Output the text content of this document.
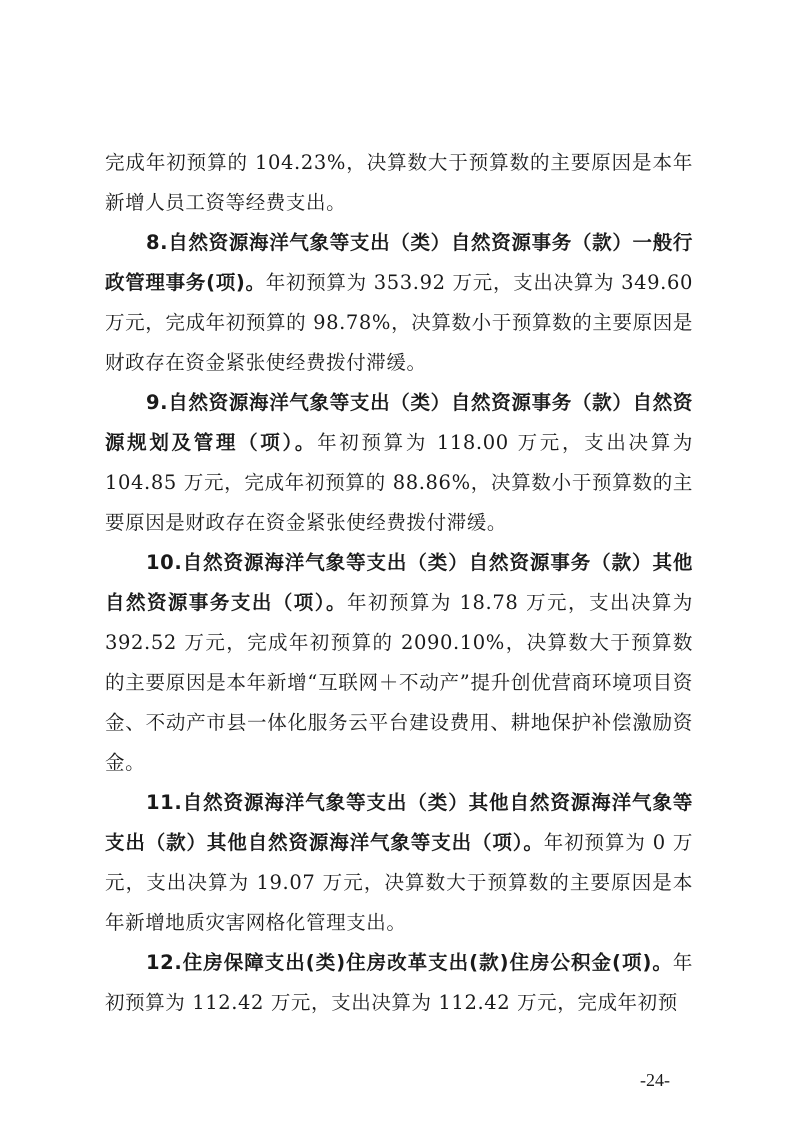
完成年初预算的 104.23%，决算数大于预算数的主要原因是本年新增人员工资等经费支出。

8.自然资源海洋气象等支出（类）自然资源事务（款）一般行政管理事务(项)。年初预算为 353.92 万元，支出决算为 349.60 万元，完成年初预算的 98.78%，决算数小于预算数的主要原因是财政存在资金紧张使经费拨付滞缓。

9.自然资源海洋气象等支出（类）自然资源事务（款）自然资源规划及管理（项）。年初预算为 118.00 万元，支出决算为 104.85 万元，完成年初预算的 88.86%，决算数小于预算数的主要原因是财政存在资金紧张使经费拨付滞缓。

10.自然资源海洋气象等支出（类）自然资源事务（款）其他自然资源事务支出（项）。年初预算为 18.78 万元，支出决算为 392.52 万元，完成年初预算的 2090.10%，决算数大于预算数的主要原因是本年新增“互联网＋不动产”提升创优营商环境项目资金、不动产市县一体化服务云平台建设费用、耕地保护补偿激励资金。

11.自然资源海洋气象等支出（类）其他自然资源海洋气象等支出（款）其他自然资源海洋气象等支出（项）。年初预算为 0 万元，支出决算为 19.07 万元，决算数大于预算数的主要原因是本年新增地质灾害网格化管理支出。

12.住房保障支出(类)住房改革支出(款)住房公积金(项)。年初预算为 112.42 万元，支出决算为 112.42 万元，完成年初预

-24-
